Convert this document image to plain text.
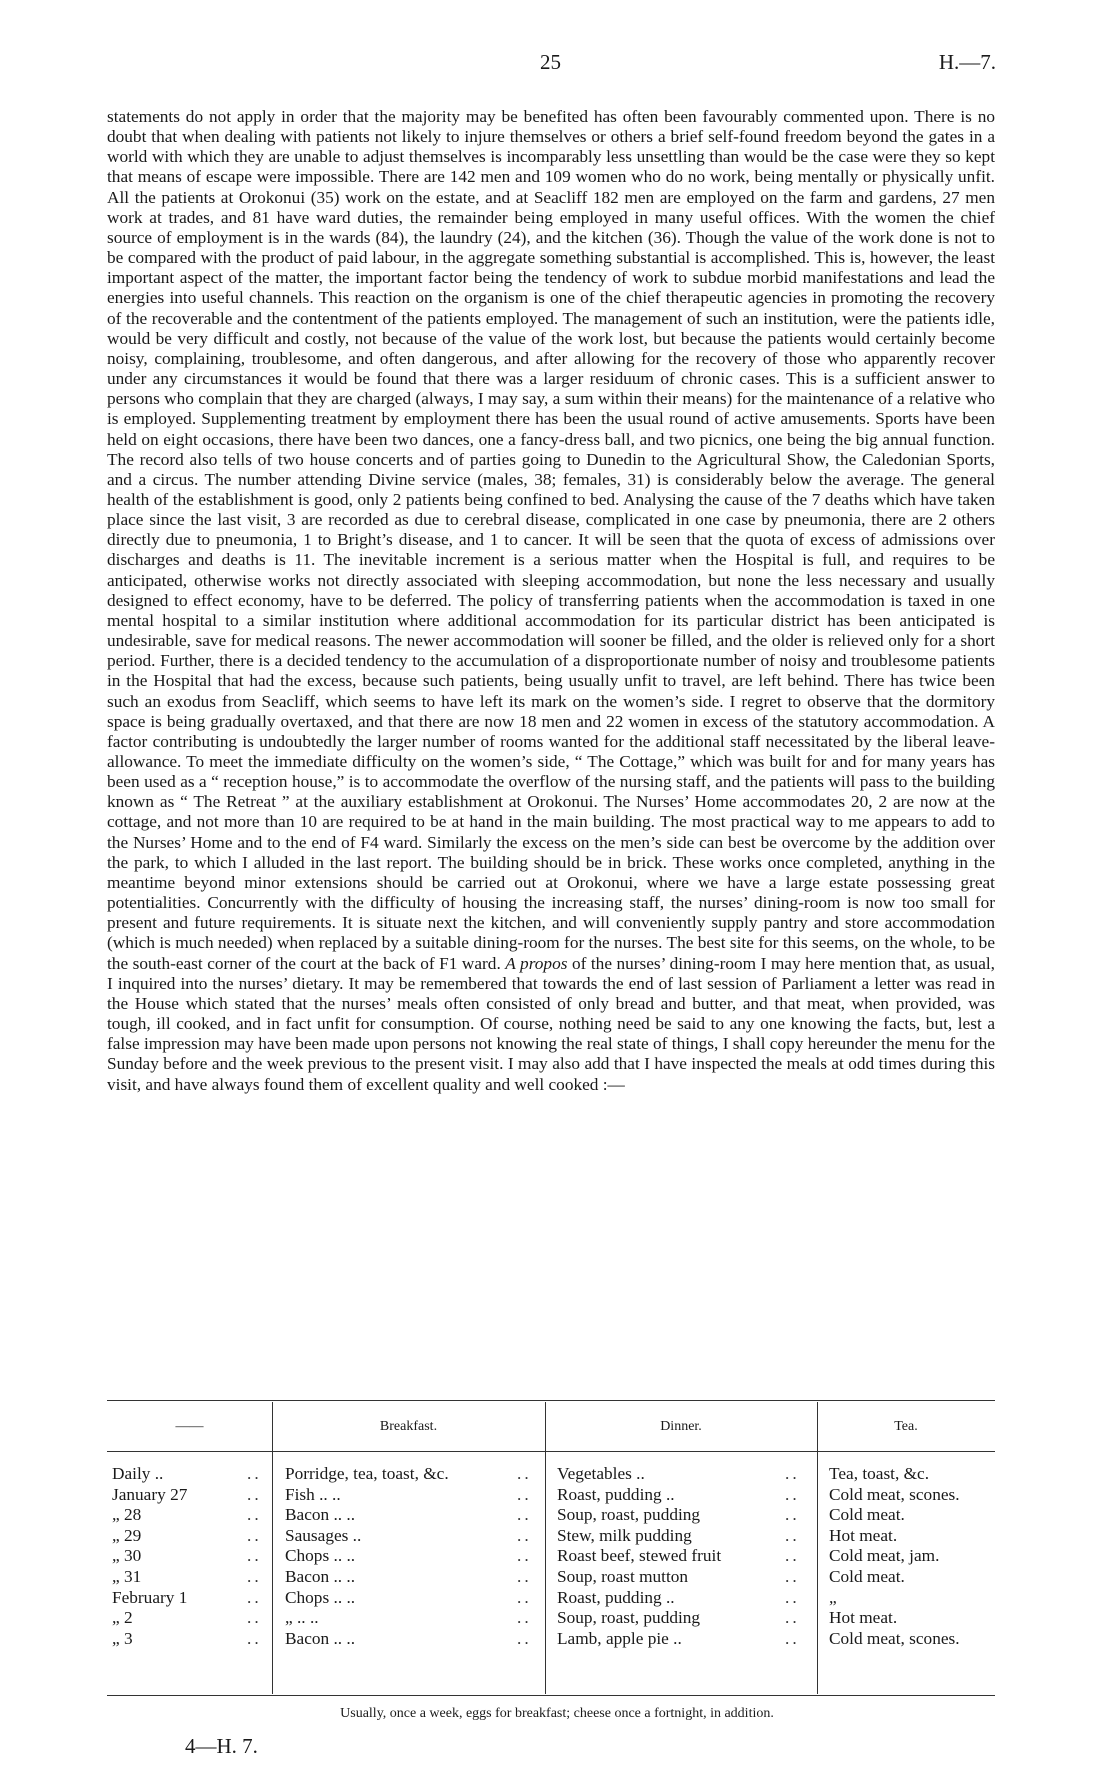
25	H.—7.

statements do not apply in order that the majority may be benefited has often been favourably commented upon. There is no doubt that when dealing with patients not likely to injure themselves or others a brief self-found freedom beyond the gates in a world with which they are unable to adjust themselves is incomparably less unsettling than would be the case were they so kept that means of escape were impossible. There are 142 men and 109 women who do no work, being mentally or physically unfit. All the patients at Orokonui (35) work on the estate, and at Seacliff 182 men are employed on the farm and gardens, 27 men work at trades, and 81 have ward duties, the remainder being employed in many useful offices. With the women the chief source of employment is in the wards (84), the laundry (24), and the kitchen (36). Though the value of the work done is not to be compared with the product of paid labour, in the aggregate something substantial is accomplished. This is, however, the least important aspect of the matter, the important factor being the tendency of work to subdue morbid manifestations and lead the energies into useful channels. This reaction on the organism is one of the chief therapeutic agencies in promoting the recovery of the recoverable and the contentment of the patients employed. The management of such an institution, were the patients idle, would be very difficult and costly, not because of the value of the work lost, but because the patients would certainly become noisy, complaining, troublesome, and often dangerous, and after allowing for the recovery of those who apparently recover under any circumstances it would be found that there was a larger residuum of chronic cases. This is a sufficient answer to persons who complain that they are charged (always, I may say, a sum within their means) for the maintenance of a relative who is employed. Supplementing treatment by employment there has been the usual round of active amusements. Sports have been held on eight occasions, there have been two dances, one a fancy-dress ball, and two picnics, one being the big annual function. The record also tells of two house concerts and of parties going to Dunedin to the Agricultural Show, the Caledonian Sports, and a circus. The number attending Divine service (males, 38; females, 31) is considerably below the average. The general health of the establishment is good, only 2 patients being confined to bed. Analysing the cause of the 7 deaths which have taken place since the last visit, 3 are recorded as due to cerebral disease, complicated in one case by pneumonia, there are 2 others directly due to pneumonia, 1 to Bright’s disease, and 1 to cancer. It will be seen that the quota of excess of admissions over discharges and deaths is 11. The inevitable increment is a serious matter when the Hospital is full, and requires to be anticipated, otherwise works not directly associated with sleeping accommodation, but none the less necessary and usually designed to effect economy, have to be deferred. The policy of transferring patients when the accommodation is taxed in one mental hospital to a similar institution where additional accommodation for its particular district has been anticipated is undesirable, save for medical reasons. The newer accommodation will sooner be filled, and the older is relieved only for a short period. Further, there is a decided tendency to the accumulation of a disproportionate number of noisy and troublesome patients in the Hospital that had the excess, because such patients, being usually unfit to travel, are left behind. There has twice been such an exodus from Seacliff, which seems to have left its mark on the women’s side. I regret to observe that the dormitory space is being gradually overtaxed, and that there are now 18 men and 22 women in excess of the statutory accommodation. A factor contributing is undoubtedly the larger number of rooms wanted for the additional staff necessitated by the liberal leave-allowance. To meet the immediate difficulty on the women’s side, “ The Cottage,” which was built for and for many years has been used as a “ reception house,” is to accommodate the overflow of the nursing staff, and the patients will pass to the building known as “ The Retreat ” at the auxiliary establishment at Orokonui. The Nurses’ Home accommodates 20, 2 are now at the cottage, and not more than 10 are required to be at hand in the main building. The most practical way to me appears to add to the Nurses’ Home and to the end of F4 ward. Similarly the excess on the men’s side can best be overcome by the addition over the park, to which I alluded in the last report. The building should be in brick. These works once completed, anything in the meantime beyond minor extensions should be carried out at Orokonui, where we have a large estate possessing great potentialities. Concurrently with the difficulty of housing the increasing staff, the nurses’ dining-room is now too small for present and future requirements. It is situate next the kitchen, and will conveniently supply pantry and store accommodation (which is much needed) when replaced by a suitable dining-room for the nurses. The best site for this seems, on the whole, to be the south-east corner of the court at the back of F1 ward. A propos of the nurses’ dining-room I may here mention that, as usual, I inquired into the nurses’ dietary. It may be remembered that towards the end of last session of Parliament a letter was read in the House which stated that the nurses’ meals often consisted of only bread and butter, and that meat, when provided, was tough, ill cooked, and in fact unfit for consumption. Of course, nothing need be said to any one knowing the facts, but, lest a false impression may have been made upon persons not knowing the real state of things, I shall copy hereunder the menu for the Sunday before and the week previous to the present visit. I may also add that I have inspected the meals at odd times during this visit, and have always found them of excellent quality and well cooked :—

——	Breakfast.	Dinner.	Tea.
Daily ..	.. Porridge, tea, toast, &c.	.. Vegetables ..	.. Tea, toast, &c.
January 27	.. Fish .. ..	.. Roast, pudding ..	.. Cold meat, scones.
„ 28	.. Bacon .. ..	.. Soup, roast, pudding	.. Cold meat.
„ 29	.. Sausages ..	.. Stew, milk pudding	.. Hot meat.
„ 30	.. Chops .. ..	.. Roast beef, stewed fruit	.. Cold meat, jam.
„ 31	.. Bacon .. ..	.. Soup, roast mutton	.. Cold meat.
February 1	.. Chops .. ..	.. Roast, pudding ..	.. „
„ 2	.. „ .. ..	.. Soup, roast, pudding	.. Hot meat.
„ 3	.. Bacon .. ..	.. Lamb, apple pie ..	.. Cold meat, scones.
Usually, once a week, eggs for breakfast; cheese once a fortnight, in addition.
4—H. 7.
